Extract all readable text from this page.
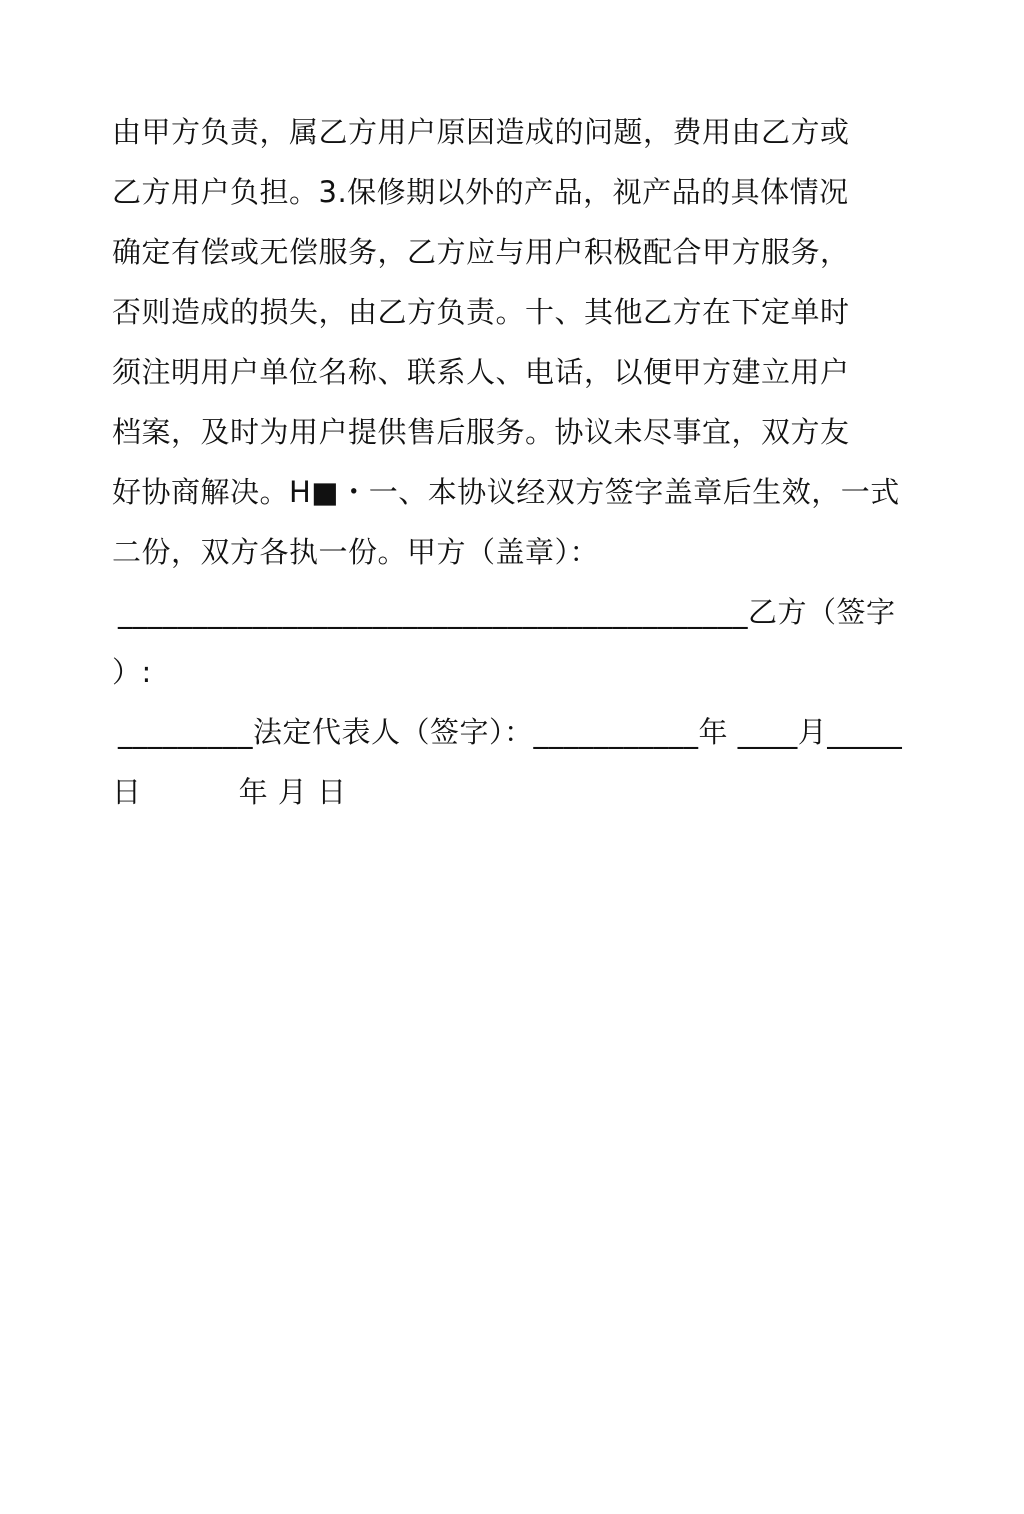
由甲方负责，属乙方用户原因造成的问题，费用由乙方或
乙方用户负担。3.保修期以外的产品，视产品的具体情况
确定有偿或无偿服务，乙方应与用户积极配合甲方服务，
否则造成的损失，由乙方负责。十、其他乙方在下定单时
须注明用户单位名称、联系人、电话，以便甲方建立用户
档案，及时为用户提供售后服务。协议未尽事宜，双方友
好协商解决。H■・一、本协议经双方签字盖章后生效，一式
二份，双方各执一份。甲方（盖章）：
__________________________________________乙方（签字
）:
_________法定代表人（签字）：___________年 ____月_____
日          年 月 日
